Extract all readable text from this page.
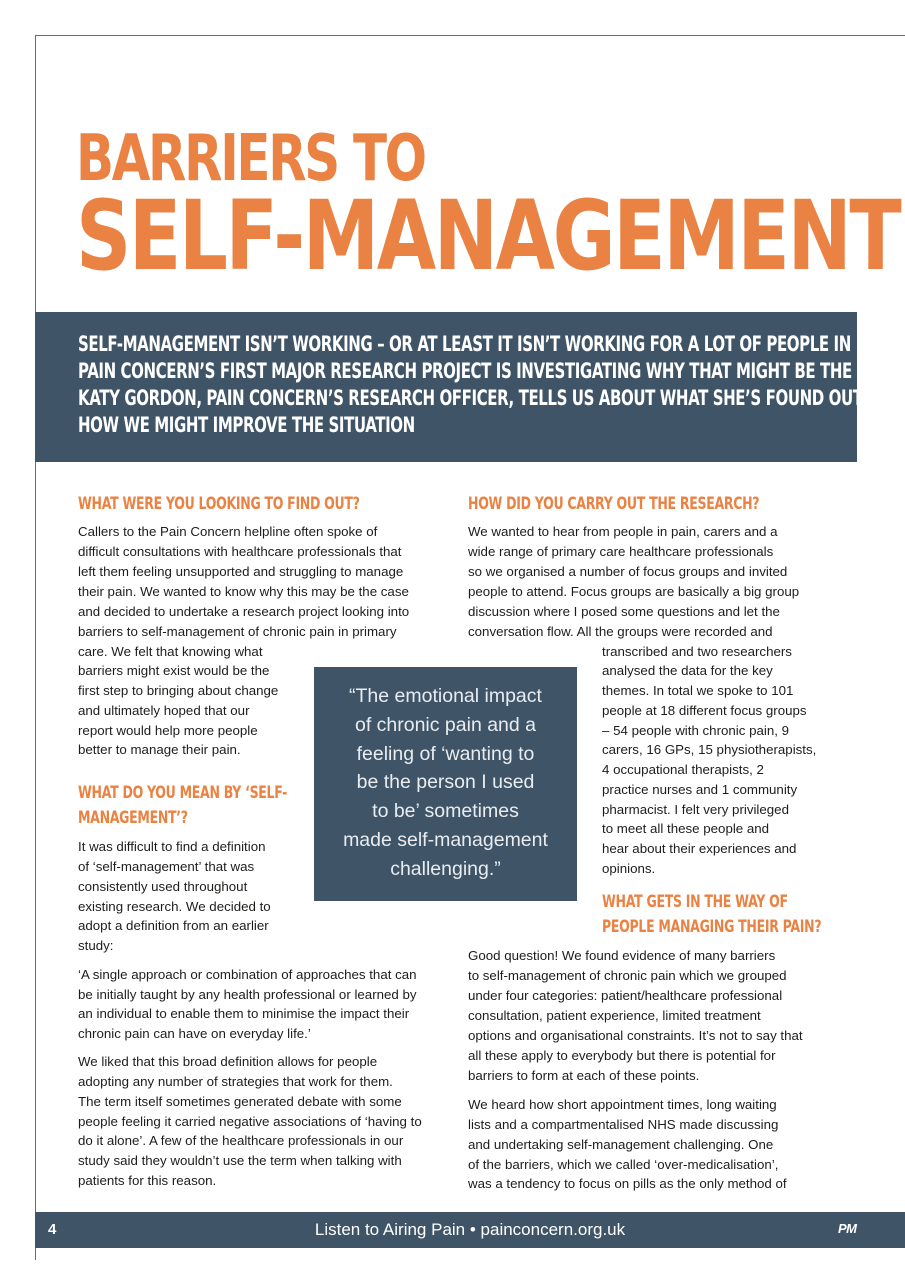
BARRIERS TO
SELF-MANAGEMENT
SELF-MANAGEMENT ISN’T WORKING – OR AT LEAST IT ISN’T WORKING FOR A LOT OF PEOPLE IN PAIN.
PAIN CONCERN’S FIRST MAJOR RESEARCH PROJECT IS INVESTIGATING WHY THAT MIGHT BE THE CASE.
KATY GORDON, PAIN CONCERN’S RESEARCH OFFICER, TELLS US ABOUT WHAT SHE’S FOUND OUT AND
HOW WE MIGHT IMPROVE THE SITUATION
WHAT WERE YOU LOOKING TO FIND OUT?
Callers to the Pain Concern helpline often spoke of
difficult consultations with healthcare professionals that
left them feeling unsupported and struggling to manage
their pain. We wanted to know why this may be the case
and decided to undertake a research project looking into
barriers to self-management of chronic pain in primary
care. We felt that knowing what
barriers might exist would be the
first step to bringing about change
and ultimately hoped that our
report would help more people
better to manage their pain.
WHAT DO YOU MEAN BY ‘SELF-
MANAGEMENT’?
It was difficult to find a definition
of ‘self-management’ that was
consistently used throughout
existing research. We decided to
adopt a definition from an earlier
study:
‘A single approach or combination of approaches that can
be initially taught by any health professional or learned by
an individual to enable them to minimise the impact their
chronic pain can have on everyday life.’
We liked that this broad definition allows for people
adopting any number of strategies that work for them.
The term itself sometimes generated debate with some
people feeling it carried negative associations of ‘having to
do it alone’. A few of the healthcare professionals in our
study said they wouldn’t use the term when talking with
patients for this reason.
“The emotional impact
of chronic pain and a
feeling of ‘wanting to
be the person I used
to be’ sometimes
made self-management
challenging.”
HOW DID YOU CARRY OUT THE RESEARCH?
We wanted to hear from people in pain, carers and a
wide range of primary care healthcare professionals
so we organised a number of focus groups and invited
people to attend. Focus groups are basically a big group
discussion where I posed some questions and let the
conversation flow. All the groups were recorded and
transcribed and two researchers
analysed the data for the key
themes. In total we spoke to 101
people at 18 different focus groups
– 54 people with chronic pain, 9
carers, 16 GPs, 15 physiotherapists,
4 occupational therapists, 2
practice nurses and 1 community
pharmacist. I felt very privileged
to meet all these people and
hear about their experiences and
opinions.
WHAT GETS IN THE WAY OF
PEOPLE MANAGING THEIR PAIN?
Good question! We found evidence of many barriers
to self-management of chronic pain which we grouped
under four categories: patient/healthcare professional
consultation, patient experience, limited treatment
options and organisational constraints. It’s not to say that
all these apply to everybody but there is potential for
barriers to form at each of these points.
We heard how short appointment times, long waiting
lists and a compartmentalised NHS made discussing
and undertaking self-management challenging. One
of the barriers, which we called ‘over-medicalisation’,
was a tendency to focus on pills as the only method of
4	Listen to Airing Pain • painconcern.org.uk	PM
